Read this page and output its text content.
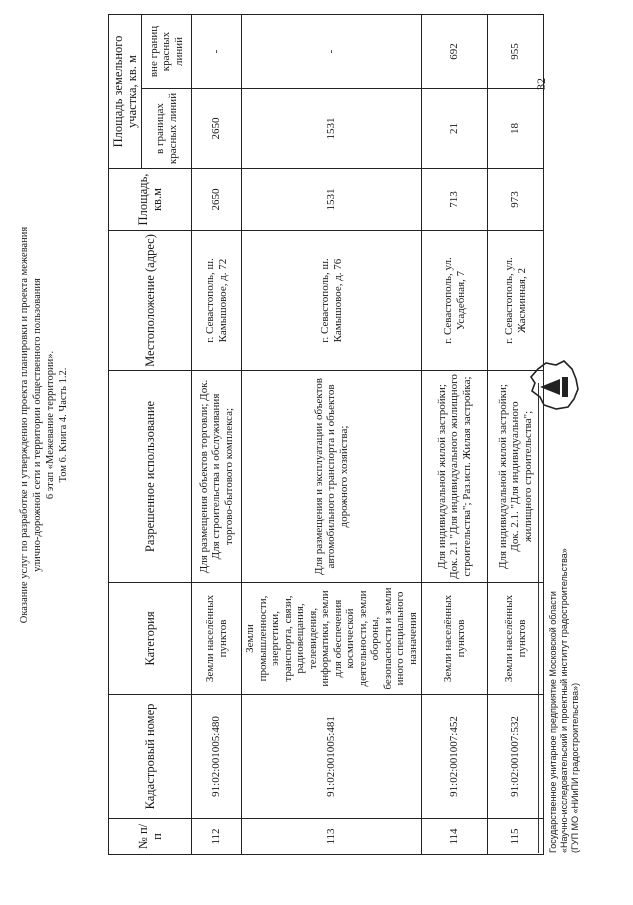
Оказание услуг по разработке и утверждению проекта планировки и проекта межевания улично-дорожной сети и территории общественного пользования 6 этап «Межевание территории». Том 6. Книга 4. Часть 1.2.
№ п/п	Кадастровый номер	Категория	Разрешенное использование	Местоположение (адрес)	Площадь, кв.м	Площадь земельного участка, кв. м	
						в границах красных линий	вне границ красных линий
112	91:02:001005:480	Земли населённых пунктов	Для размещения объектов торговли; Док. Для строительства и обслуживания торгово-бытового комплекса;	г. Севастополь, ш. Камышовое, д. 72	2650	2650	-
113	91:02:001005:481	Земли промышленности, энергетики, транспорта, связи, радиовещания, телевидения, информатики, земли для обеспечения космической деятельности, земли обороны, безопасности и земли иного специального назначения	Для размещения и эксплуатации объектов автомобильного транспорта и объектов дорожного хозяйства;	г. Севастополь, ш. Камышовое, д. 76	1531	1531	-
114	91:02:001007:452	Земли населённых пунктов	Для индивидуальной жилой застройки; Док. 2.1 "Для индивидуального жилищного строительства"; Раз.исп. Жилая застройка;	г. Севастополь, ул. Усадебная, 7	713	21	692
115	91:02:001007:532	Земли населённых пунктов	Для индивидуальной жилой застройки; Док. 2.1. "Для индивидуального жилищного строительства";	г. Севастополь, ул. Жасминная, 2	973	18	955
Государственное унитарное предприятие Московской области «Научно-исследовательский и проектный институт градостроительства» (ГУП МО «НИиПИ градостроительства»)
32
